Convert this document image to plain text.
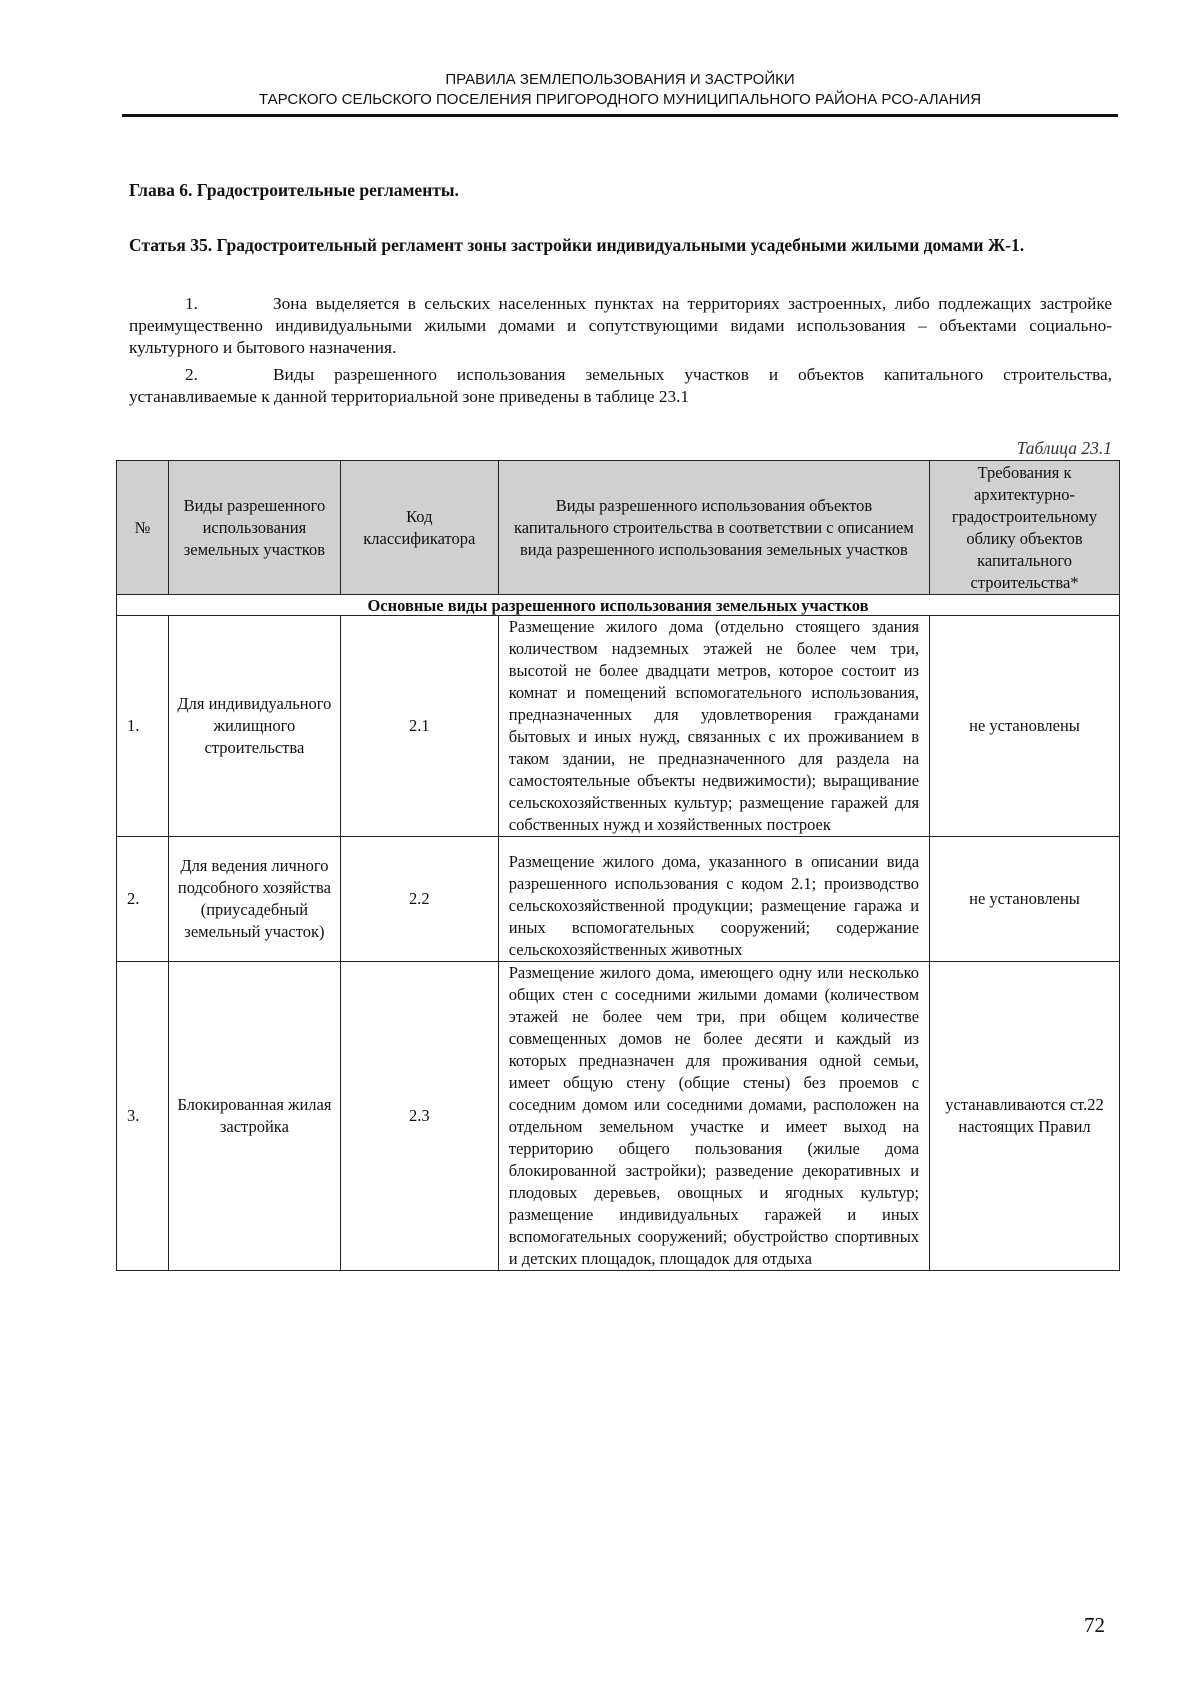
ПРАВИЛА ЗЕМЛЕПОЛЬЗОВАНИЯ И ЗАСТРОЙКИ
ТАРСКОГО СЕЛЬСКОГО ПОСЕЛЕНИЯ ПРИГОРОДНОГО МУНИЦИПАЛЬНОГО РАЙОНА РСО-АЛАНИЯ
Глава 6. Градостроительные регламенты.
Статья 35. Градостроительный регламент зоны застройки индивидуальными усадебными жилыми домами Ж-1.
1.	Зона выделяется в сельских населенных пунктах на территориях застроенных, либо подлежащих застройке преимущественно индивидуальными жилыми домами и сопутствующими видами использования – объектами социально-культурного и бытового назначения.
2.	Виды разрешенного использования земельных участков и объектов капитального строительства, устанавливаемые к данной территориальной зоне приведены в таблице 23.1
Таблица 23.1
№	Виды разрешенного использования земельных участков	Код классификатора	Виды разрешенного использования объектов капитального строительства в соответствии с описанием вида разрешенного использования земельных участков	Требования к архитектурно-градостроительному облику объектов капитального строительства*
Основные виды разрешенного использования земельных участков				
1.	Для индивидуального жилищного строительства	2.1	Размещение жилого дома (отдельно стоящего здания количеством надземных этажей не более чем три, высотой не более двадцати метров, которое состоит из комнат и помещений вспомогательного использования, предназначенных для удовлетворения гражданами бытовых и иных нужд, связанных с их проживанием в таком здании, не предназначенного для раздела на самостоятельные объекты недвижимости); выращивание сельскохозяйственных культур; размещение гаражей для собственных нужд и хозяйственных построек	не установлены
2.	Для ведения личного подсобного хозяйства (приусадебный земельный участок)	2.2	Размещение жилого дома, указанного в описании вида разрешенного использования с кодом 2.1; производство сельскохозяйственной продукции; размещение гаража и иных вспомогательных сооружений; содержание сельскохозяйственных животных	не установлены
3.	Блокированная жилая застройка	2.3	Размещение жилого дома, имеющего одну или несколько общих стен с соседними жилыми домами (количеством этажей не более чем три, при общем количестве совмещенных домов не более десяти и каждый из которых предназначен для проживания одной семьи, имеет общую стену (общие стены) без проемов с соседним домом или соседними домами, расположен на отдельном земельном участке и имеет выход на территорию общего пользования (жилые дома блокированной застройки); разведение декоративных и плодовых деревьев, овощных и ягодных культур; размещение индивидуальных гаражей и иных вспомогательных сооружений; обустройство спортивных и детских площадок, площадок для отдыха	устанавливаются ст.22 настоящих Правил
72
